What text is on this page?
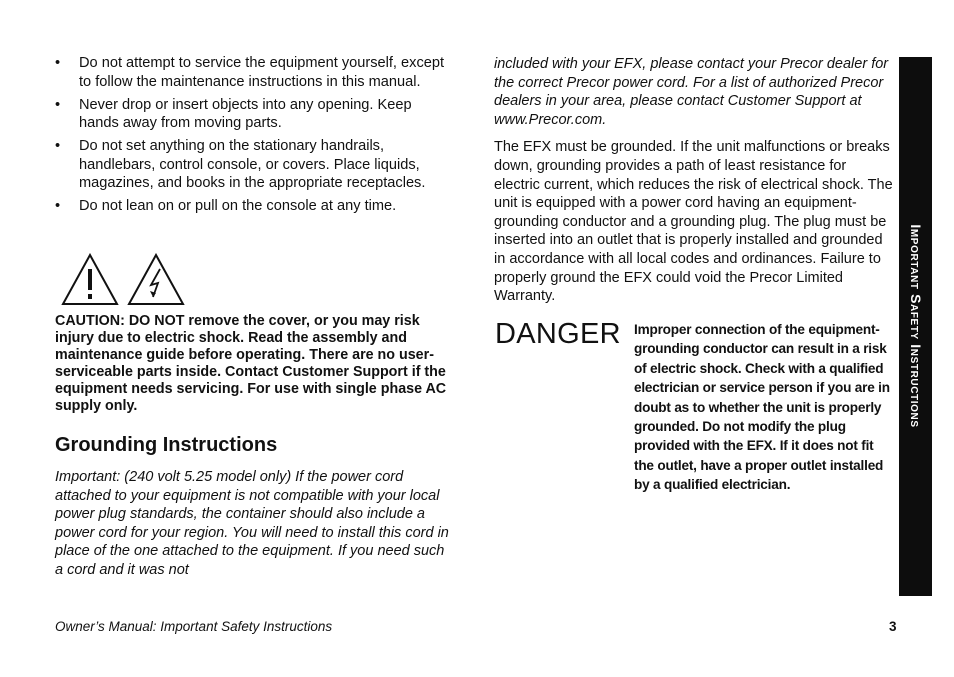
• Do not attempt to service the equipment yourself, except to follow the maintenance instructions in this manual.
• Never drop or insert objects into any opening. Keep hands away from moving parts.
• Do not set anything on the stationary handrails, handlebars, control console, or covers. Place liquids, magazines, and books in the appropriate receptacles.
• Do not lean on or pull on the console at any time.
CAUTION: DO NOT remove the cover, or you may risk injury due to electric shock. Read the assembly and maintenance guide before operating. There are no user-serviceable parts inside. Contact Customer Support if the equipment needs servicing. For use with single phase AC supply only.
Grounding Instructions
Important: (240 volt 5.25 model only) If the power cord attached to your equipment is not compatible with your local power plug standards, the container should also include a power cord for your region. You will need to install this cord in place of the one attached to the equipment. If you need such a cord and it was not

included with your EFX, please contact your Precor dealer for the correct Precor power cord. For a list of authorized Precor dealers in your area, please contact Customer Support at www.Precor.com.

The EFX must be grounded. If the unit malfunctions or breaks down, grounding provides a path of least resistance for electric current, which reduces the risk of electrical shock. The unit is equipped with a power cord having an equipment-grounding conductor and a grounding plug. The plug must be inserted into an outlet that is properly installed and grounded in accordance with all local codes and ordinances. Failure to properly ground the EFX could void the Precor Limited Warranty.

DANGER Improper connection of the equipment-grounding conductor can result in a risk of electric shock. Check with a qualified electrician or service person if you are in doubt as to whether the unit is properly grounded. Do not modify the plug provided with the EFX. If it does not fit the outlet, have a proper outlet installed by a qualified electrician.
Important Safety Instructions
Owner’s Manual: Important Safety Instructions	3
